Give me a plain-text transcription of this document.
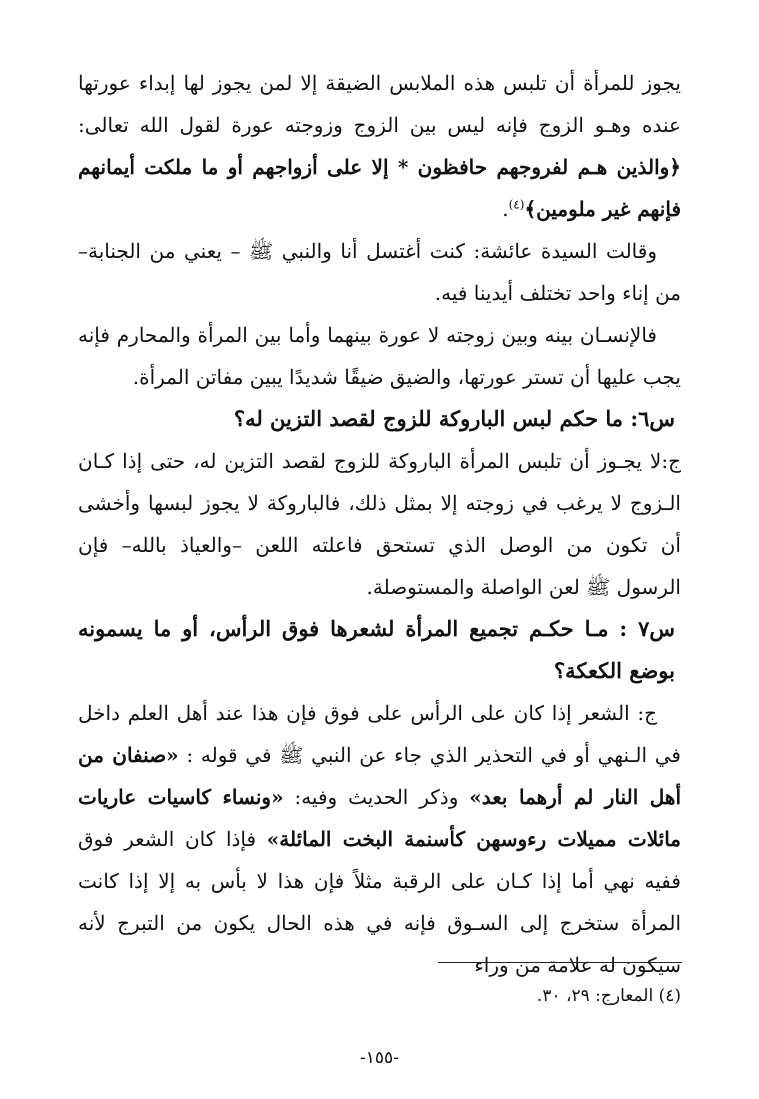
يجوز للمرأة أن تلبس هذه الملابس الضيقة إلا لمن يجوز لها إبداء عورتها عنده وهـو الزوج فإنه ليس بين الزوج وزوجته عورة لقول الله تعالى: ﴿والذين هـم لفروجهم حافظون * إلا على أزواجهم أو ما ملكت أيمانهم فإنهم غير ملومين﴾$^{(٤)}$.

وقالت السيدة عائشة: كنت أغتسل أنا والنبي ﷺ – يعني من الجنابة– من إناء واحد تختلف أيدينا فيه.

فالإنسـان بينه وبين زوجته لا عورة بينهما وأما بين المرأة والمحارم فإنه يجب عليها أن تستر عورتها، والضيق ضيقًا شديدًا يبين مفاتن المرأة.

س٦: ما حكم لبس الباروكة للزوج لقصد التزين له؟

ج:لا يجـوز أن تلبس المرأة الباروكة للزوج لقصد التزين له، حتى إذا كـان الـزوج لا يرغب في زوجته إلا بمثل ذلك، فالباروكة لا يجوز لبسها وأخشى أن تكون من الوصل الذي تستحق فاعلته اللعن –والعياذ بالله– فإن الرسول ﷺ لعن الواصلة والمستوصلة.

س٧ : مـا حكـم تجميع المرأة لشعرها فوق الرأس، أو ما يسمونه بوضع الكعكة؟

ج: الشعر إذا كان على الرأس على فوق فإن هذا عند أهل العلم داخل في الـنهي أو في التحذير الذي جاء عن النبي ﷺ في قوله : «صنفان من أهل النار لم أرهما بعد» وذكر الحديث وفيه: «ونساء كاسيات عاريات مائلات مميلات رءوسهن كأسنمة البخت المائلة» فإذا كان الشعر فوق ففيه نهي أما إذا كـان على الرقبة مثلاً فإن هذا لا بأس به إلا إذا كانت المرأة ستخرج إلى السـوق فإنه في هذه الحال يكون من التبرج لأنه سيكون له علامة من وراء

(٤) المعارج: ٢٩، ٣٠.
-١٥٥-
